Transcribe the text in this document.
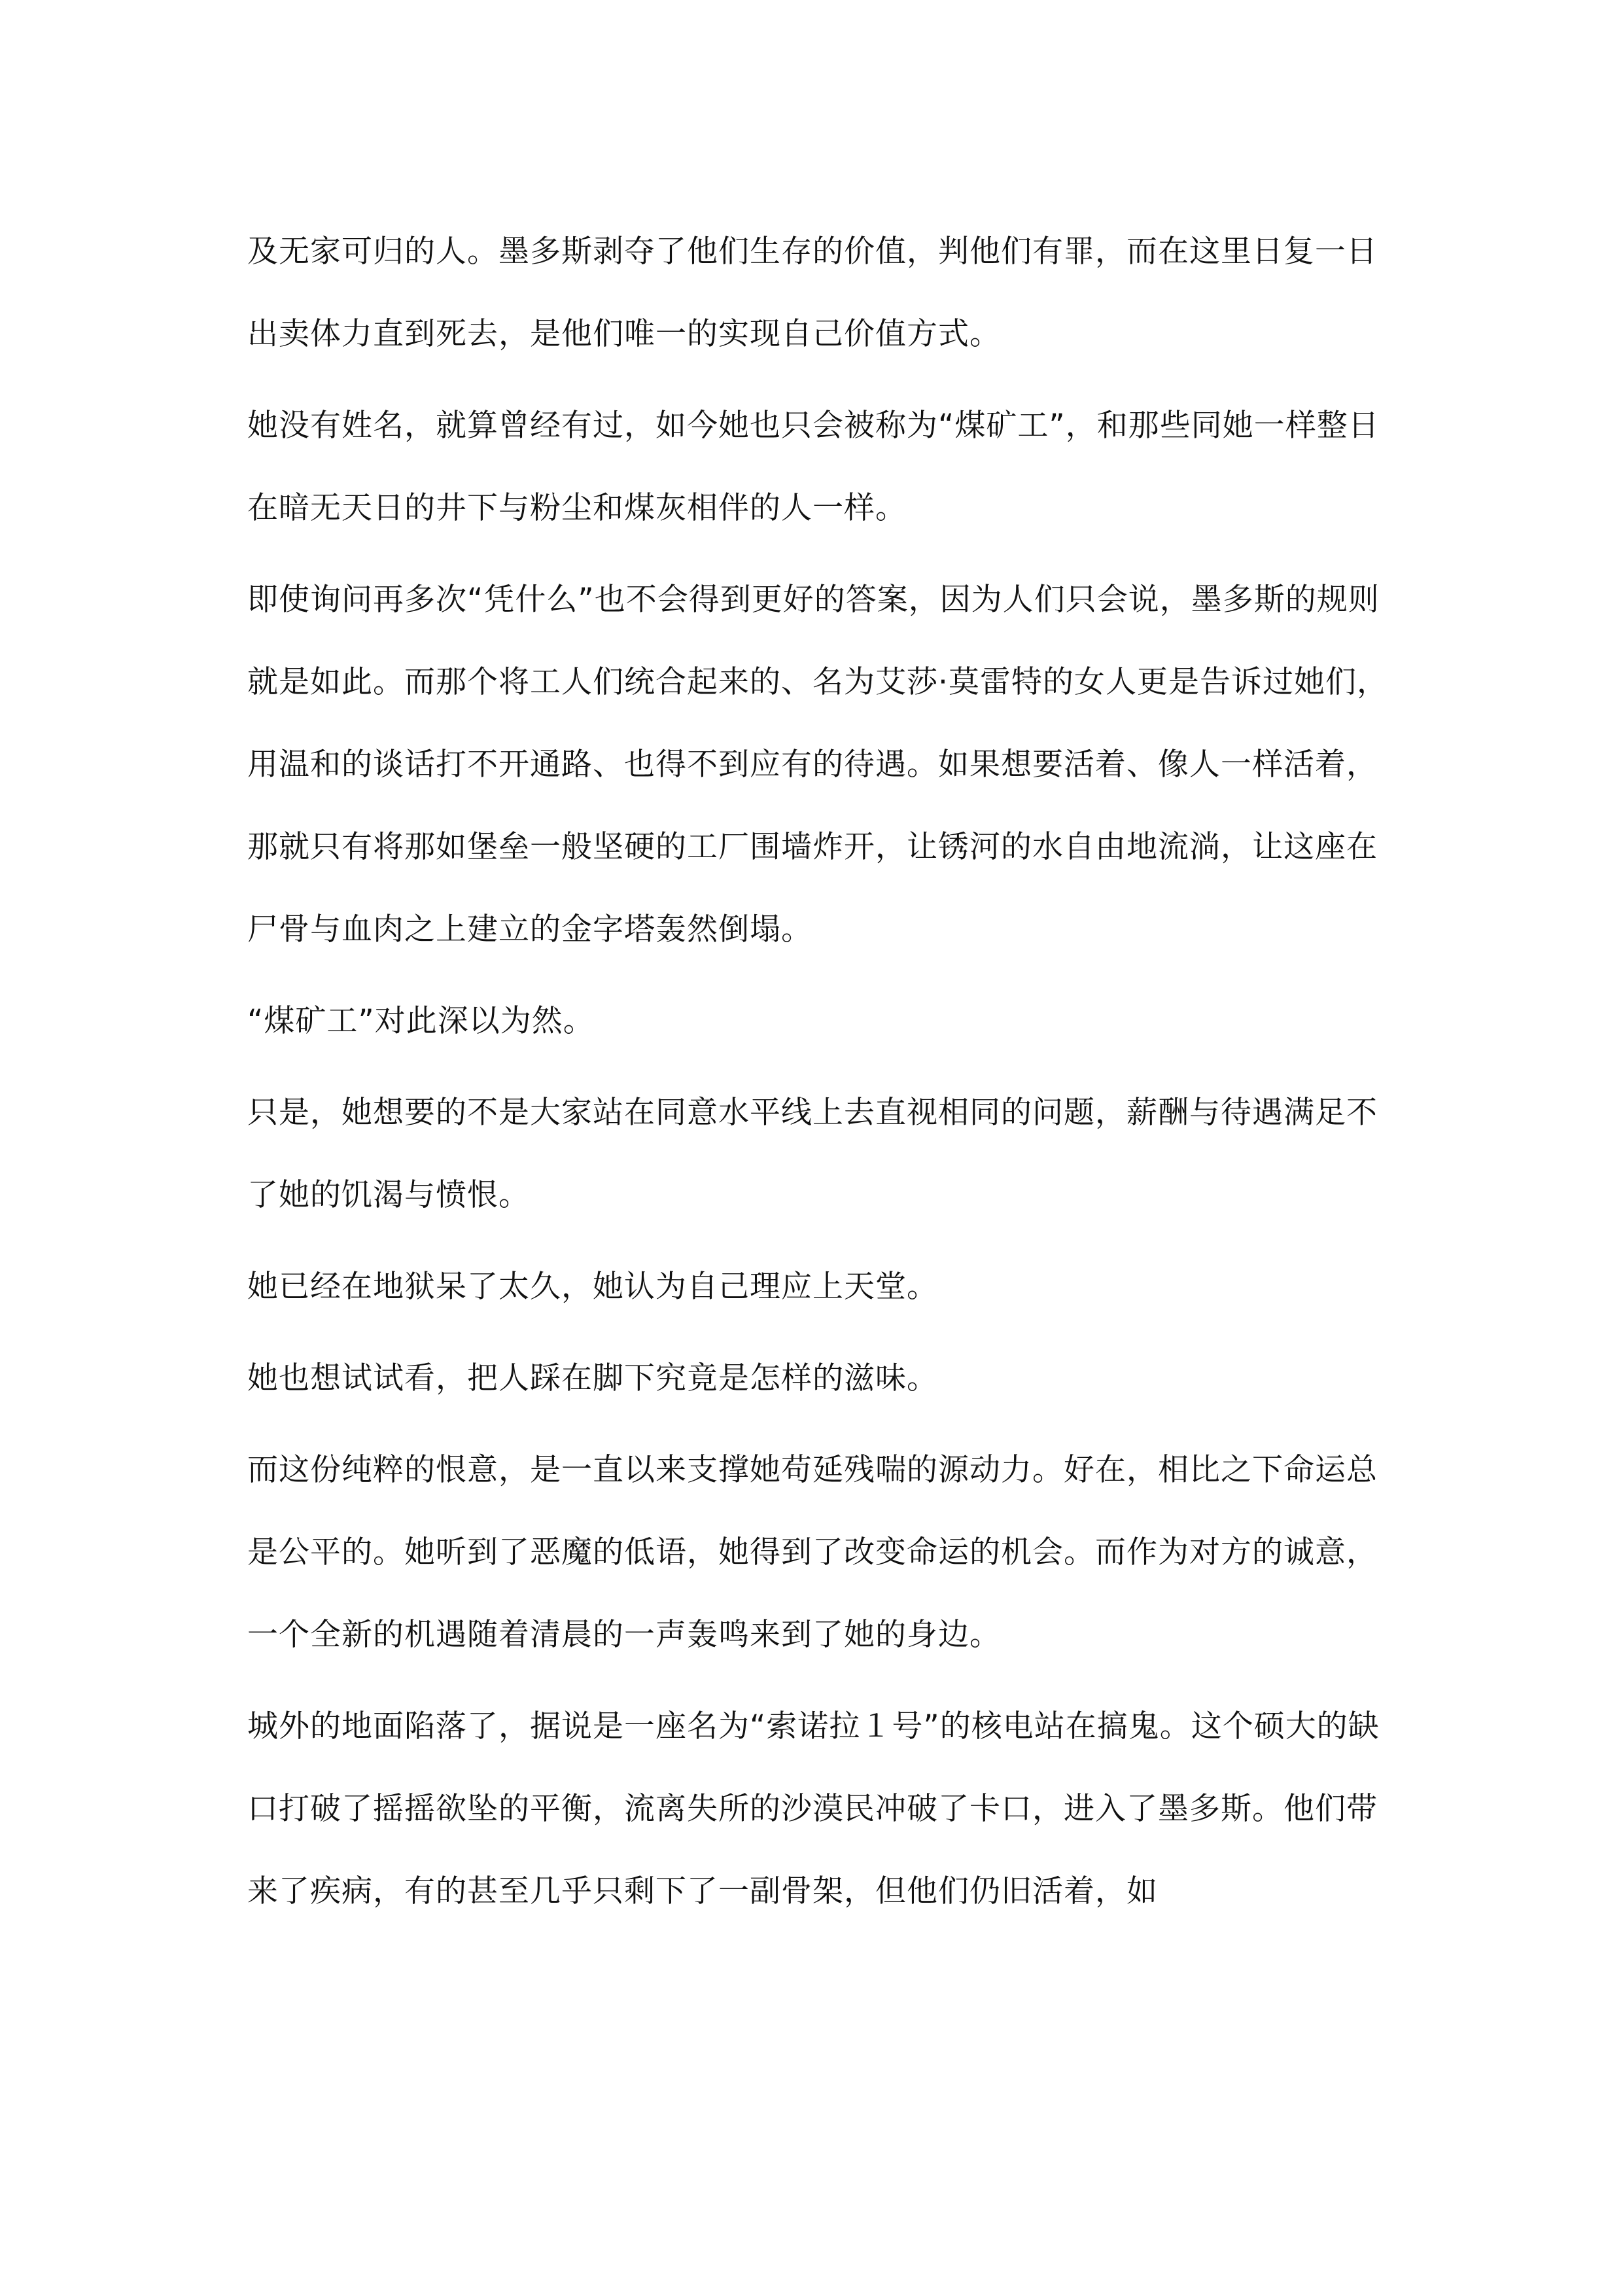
及无家可归的人。墨多斯剥夺了他们生存的价值，判他们有罪，而在这里日复一日出卖体力直到死去，是他们唯一的实现自己价值方式。

她没有姓名，就算曾经有过，如今她也只会被称为“煤矿工”，和那些同她一样整日在暗无天日的井下与粉尘和煤灰相伴的人一样。

即使询问再多次“凭什么”也不会得到更好的答案，因为人们只会说，墨多斯的规则就是如此。而那个将工人们统合起来的、名为艾莎·莫雷特的女人更是告诉过她们，用温和的谈话打不开通路、也得不到应有的待遇。如果想要活着、像人一样活着，那就只有将那如堡垒一般坚硬的工厂围墙炸开，让锈河的水自由地流淌，让这座在尸骨与血肉之上建立的金字塔轰然倒塌。

“煤矿工”对此深以为然。

只是，她想要的不是大家站在同意水平线上去直视相同的问题，薪酬与待遇满足不了她的饥渴与愤恨。

她已经在地狱呆了太久，她认为自己理应上天堂。

她也想试试看，把人踩在脚下究竟是怎样的滋味。

而这份纯粹的恨意，是一直以来支撑她苟延残喘的源动力。好在，相比之下命运总是公平的。她听到了恶魔的低语，她得到了改变命运的机会。而作为对方的诚意，一个全新的机遇随着清晨的一声轰鸣来到了她的身边。

城外的地面陷落了，据说是一座名为“索诺拉１号”的核电站在搞鬼。这个硕大的缺口打破了摇摇欲坠的平衡，流离失所的沙漠民冲破了卡口，进入了墨多斯。他们带来了疾病，有的甚至几乎只剩下了一副骨架，但他们仍旧活着，如
